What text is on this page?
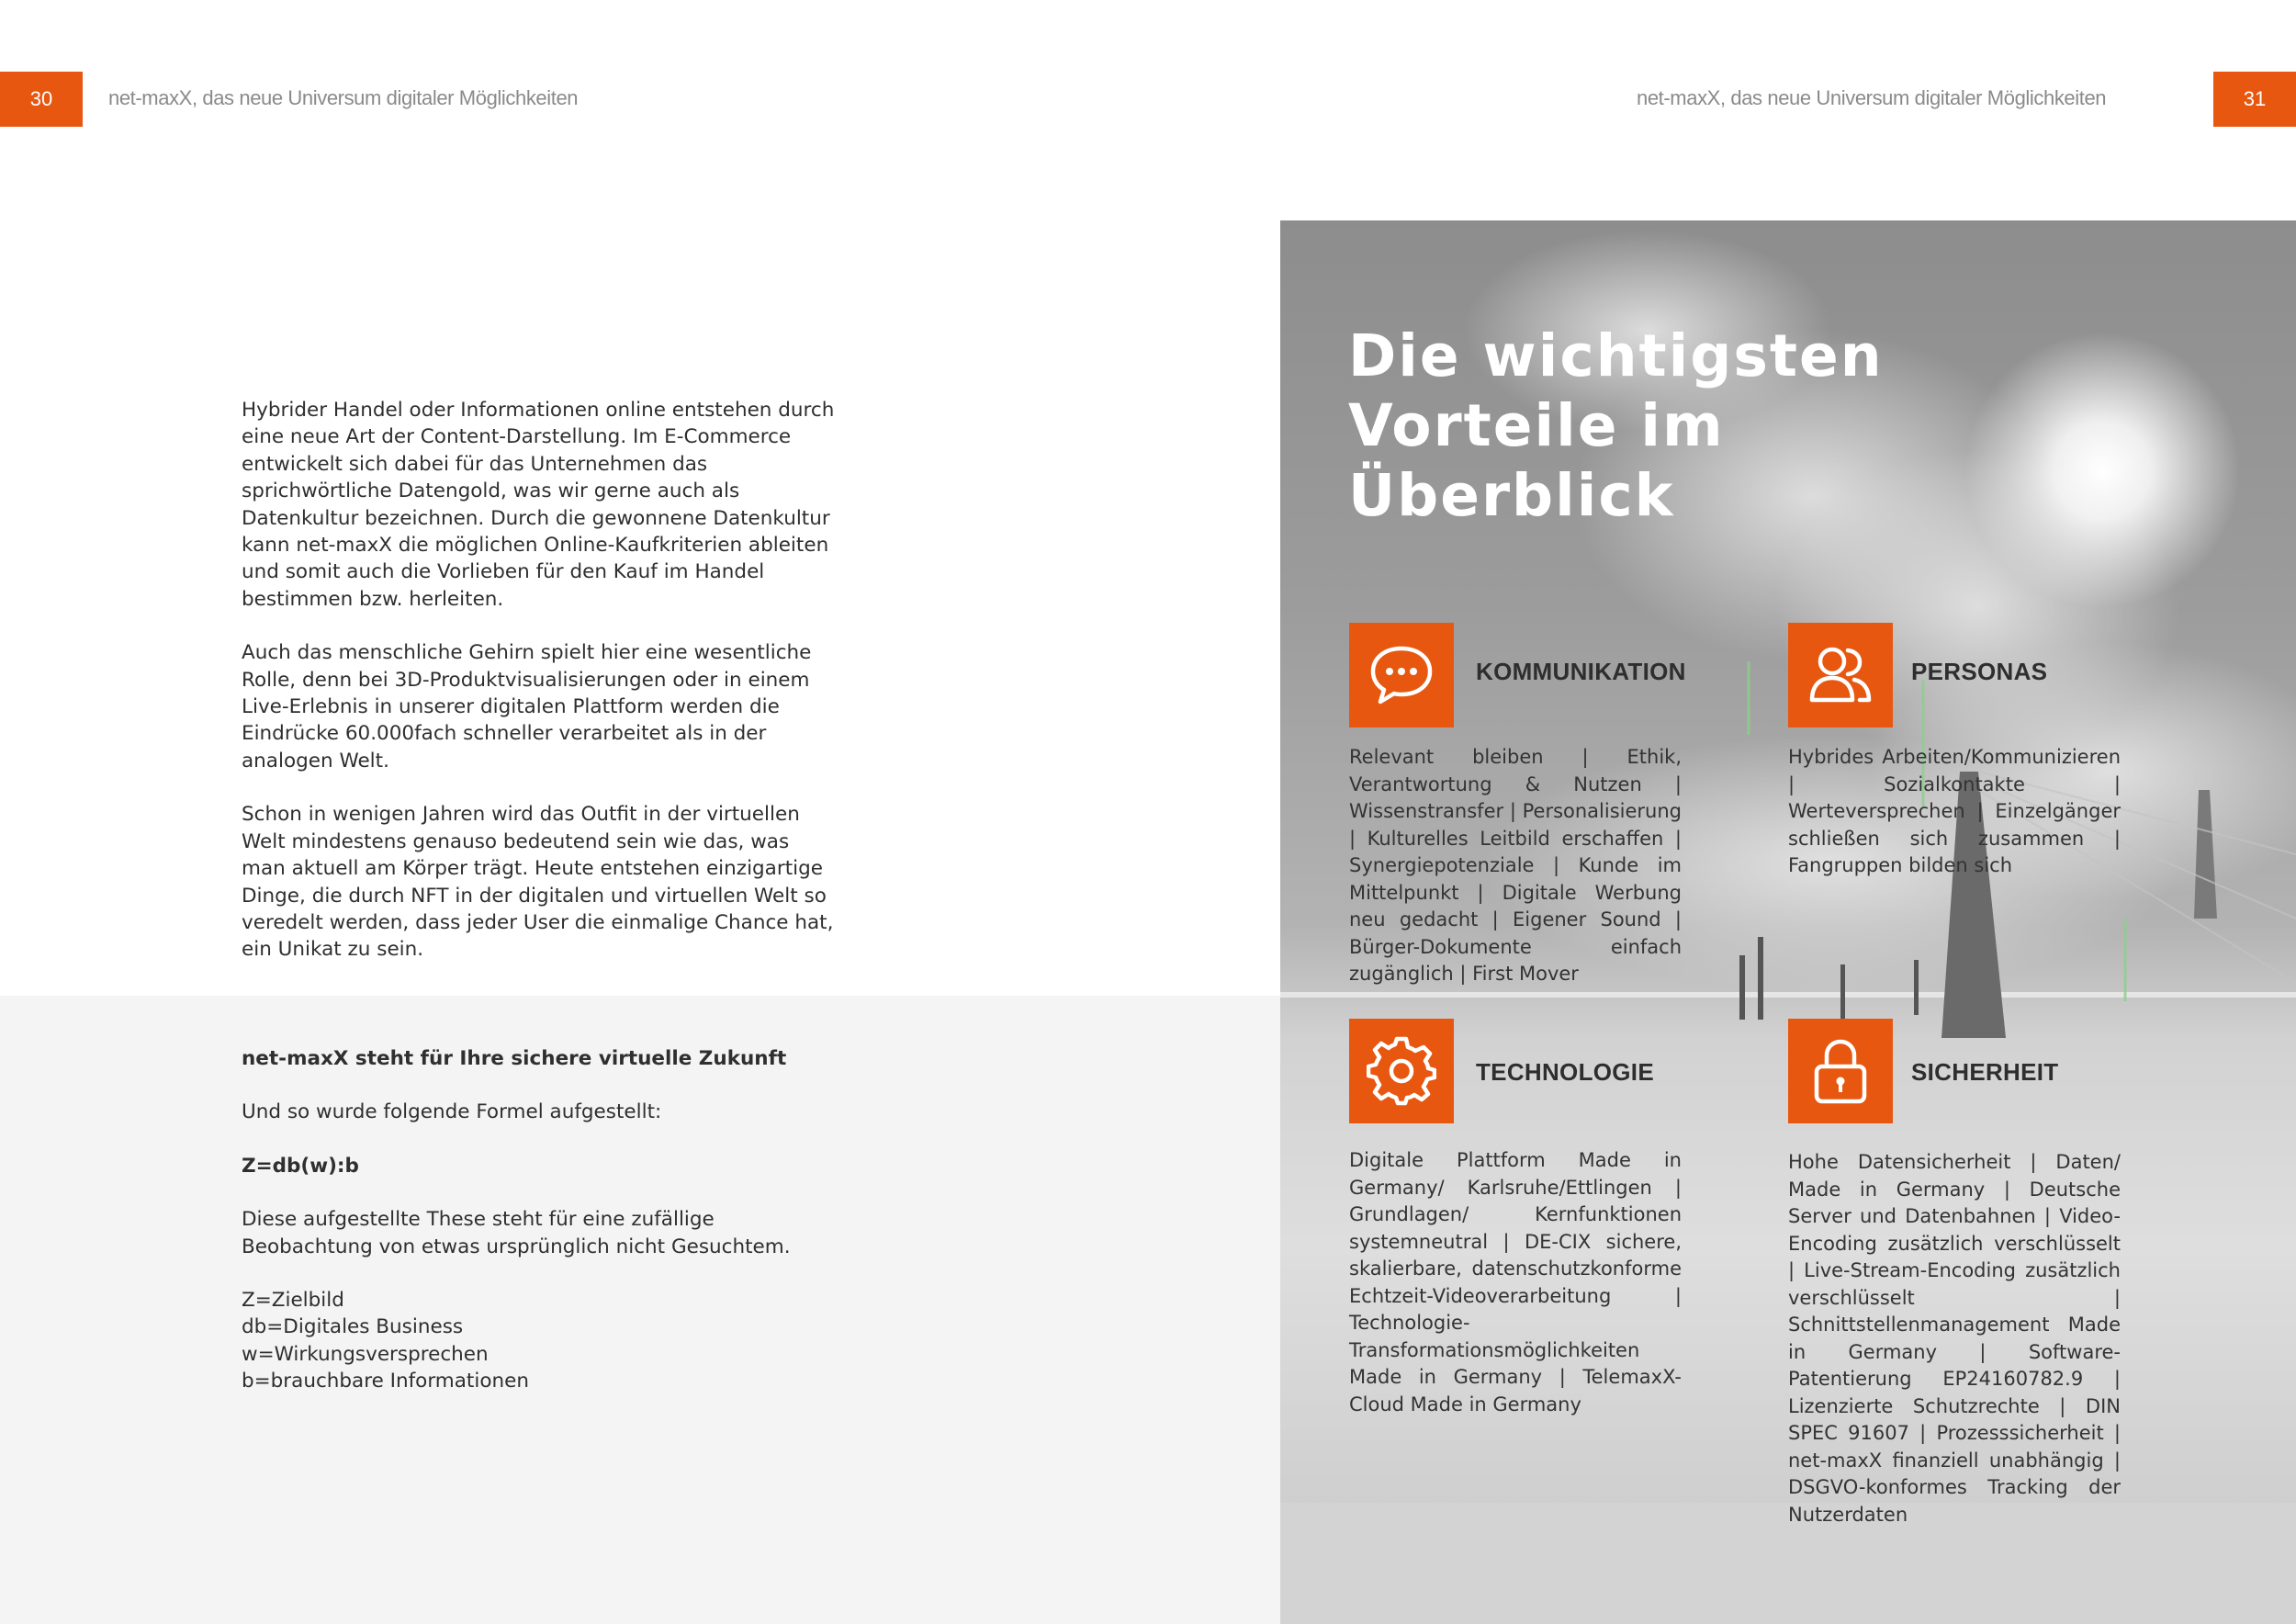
30	net-maxX, das neue Universum digitaler Möglichkeiten	net-maxX, das neue Universum digitaler Möglichkeiten	31

Hybrider Handel oder Informationen online entstehen durch eine neue Art der Content-Darstellung. Im E-Commerce entwickelt sich dabei für das Unternehmen das sprichwörtliche Datengold, was wir gerne auch als Datenkultur bezeichnen. Durch die gewonnene Datenkultur kann net-maxX die möglichen Online-Kaufkriterien ableiten und somit auch die Vorlieben für den Kauf im Handel bestimmen bzw. herleiten.

Auch das menschliche Gehirn spielt hier eine wesentliche Rolle, denn bei 3D-Produktvisualisierungen oder in einem Live-Erlebnis in unserer digitalen Plattform werden die Eindrücke 60.000fach schneller verarbeitet als in der analogen Welt.

Schon in wenigen Jahren wird das Outfit in der virtuellen Welt mindestens genauso bedeutend sein wie das, was man aktuell am Körper trägt. Heute entstehen einzigartige Dinge, die durch NFT in der digitalen und virtuellen Welt so veredelt werden, dass jeder User die einmalige Chance hat, ein Unikat zu sein.

net-maxX steht für Ihre sichere virtuelle Zukunft

Und so wurde folgende Formel aufgestellt:

Z=db(w):b

Diese aufgestellte These steht für eine zufällige Beobachtung von etwas ursprünglich nicht Gesuchtem.

Z=Zielbild

db=Digitales Business

w=Wirkungsversprechen

b=brauchbare Informationen

Die wichtigsten
Vorteile im
Überblick
KOMMUNIKATION
Relevant bleiben | Ethik, Verantwortung & Nutzen | Wissenstransfer | Personalisierung | Kulturelles Leitbild erschaffen | Synergiepotenziale | Kunde im Mittelpunkt | Digitale Werbung neu gedacht | Eigener Sound | Bürger-Dokumente einfach zugänglich | First Mover
PERSONAS
Hybrides Arbeiten/Kommunizieren | Sozialkontakte | Werteversprechen | Einzelgänger schließen sich zusammen | Fangruppen bilden sich
TECHNOLOGIE
Digitale Plattform Made in Germany/ Karlsruhe/Ettlingen | Grundlagen/ Kernfunktionen systemneutral | DE-CIX sichere, skalierbare, datenschutzkonforme Echtzeit-Videoverarbeitung | Technologie-Transformationsmöglichkeiten Made in Germany | TelemaxX-Cloud Made in Germany
SICHERHEIT
Hohe Datensicherheit | Daten/ Made in Germany | Deutsche Server und Datenbahnen | Video-Encoding zusätzlich verschlüsselt | Live-Stream-Encoding zusätzlich verschlüsselt | Schnittstellenmanagement Made in Germany | Software-Patentierung EP24160782.9 | Lizenzierte Schutzrechte | DIN SPEC 91607 | Prozesssicherheit | net-maxX finanziell unabhängig | DSGVO-konformes Tracking der Nutzerdaten
